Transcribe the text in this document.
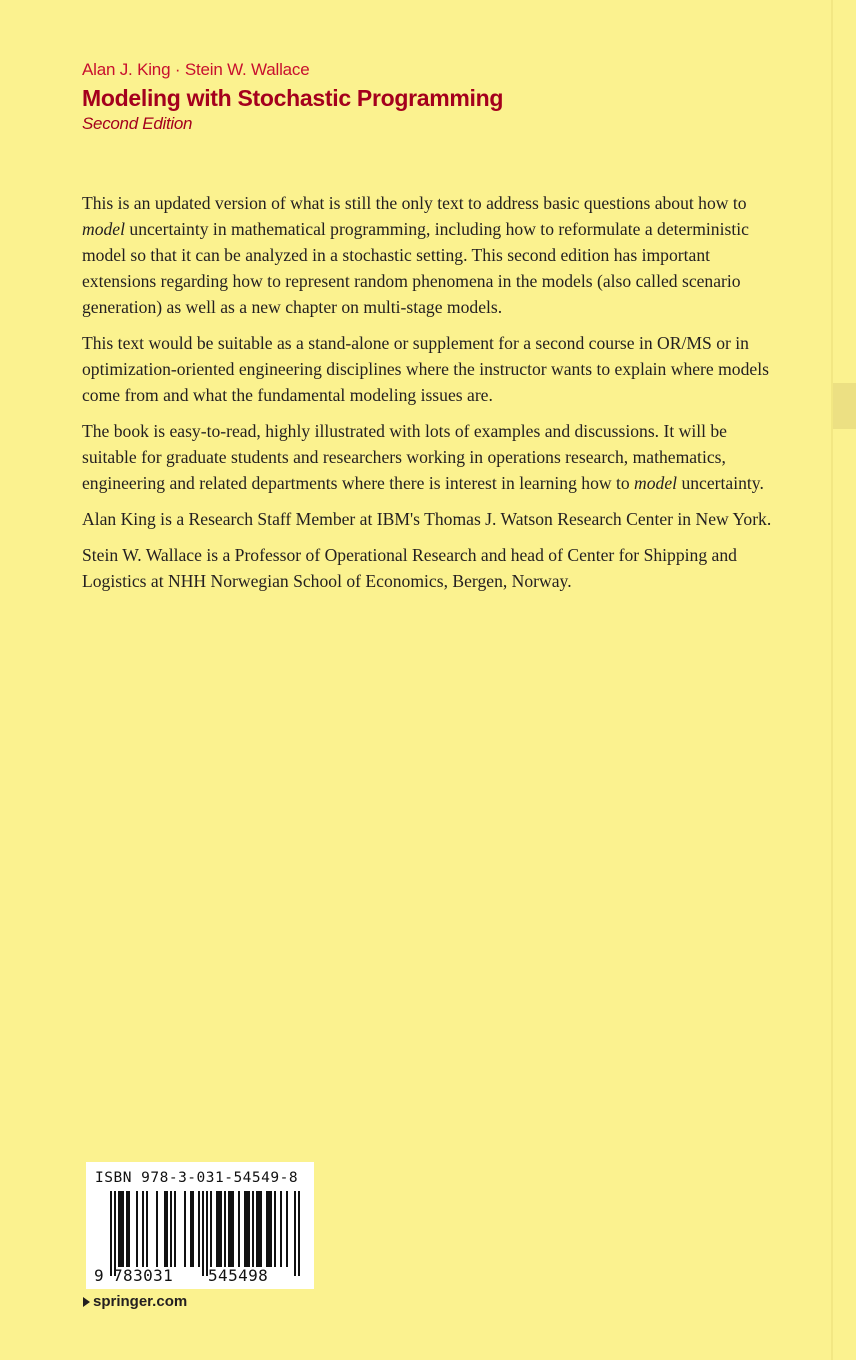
Alan J. King · Stein W. Wallace
Modeling with Stochastic Programming
Second Edition

This is an updated version of what is still the only text to address basic questions about how to model uncertainty in mathematical programming, including how to reformulate a deterministic model so that it can be analyzed in a stochastic setting. This second edition has important extensions regarding how to represent random phenomena in the models (also called scenario generation) as well as a new chapter on multi-stage models.

This text would be suitable as a stand-alone or supplement for a second course in OR/MS or in optimization-oriented engineering disciplines where the instructor wants to explain where models come from and what the fundamental modeling issues are.

The book is easy-to-read, highly illustrated with lots of examples and discussions. It will be suitable for graduate students and researchers working in operations research, mathematics, engineering and related departments where there is interest in learning how to model uncertainty.

Alan King is a Research Staff Member at IBM's Thomas J. Watson Research Center in New York.

Stein W. Wallace is a Professor of Operational Research and head of Center for Shipping and Logistics at NHH Norwegian School of Economics, Bergen, Norway.

ISBN 978-3-031-54549-8
9 783031 545498
springer.com
